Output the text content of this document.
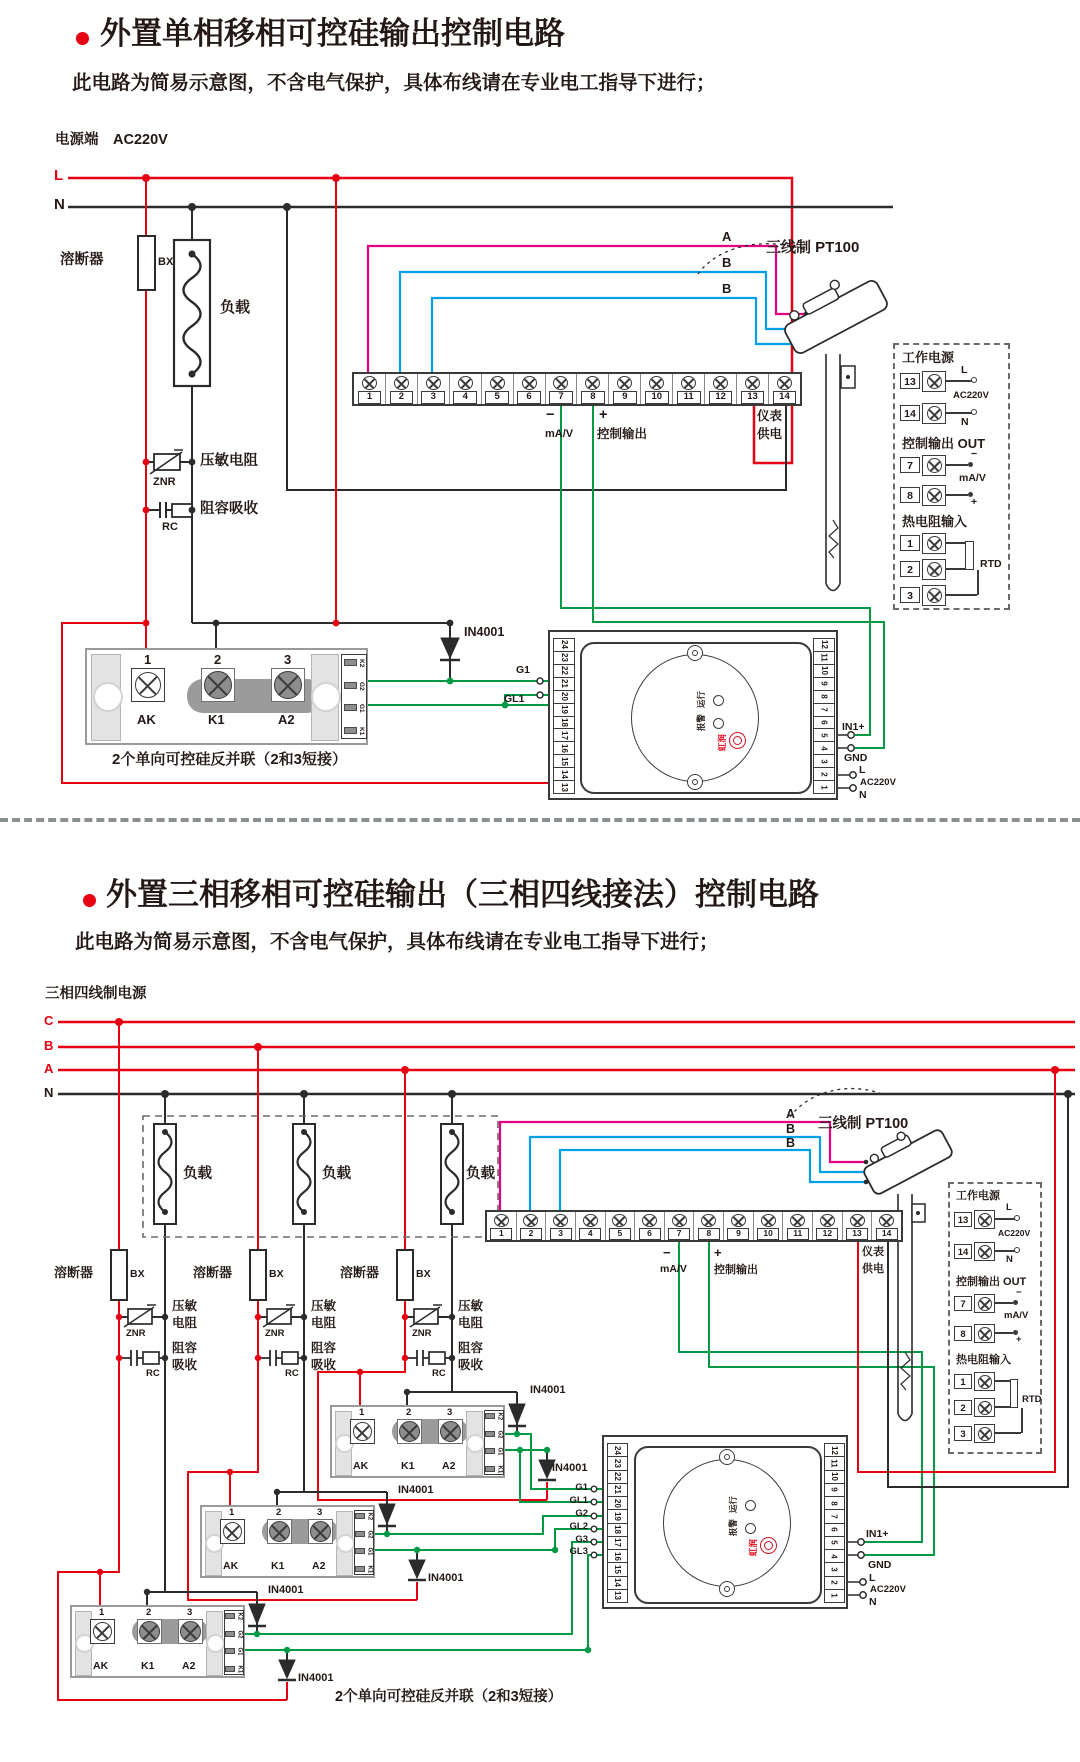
外置单相移相可控硅输出控制电路
此电路为简易示意图，不含电气保护，具体布线请在专业电工指导下进行；
电源端 AC220V
L
N
溶断器	BX
负载
压敏电阻
ZNR
阻容吸收
RC
1	2	3	4	5	6	7	8	9	10	11	12	13	14
A
B
B
三线制 PT100
−
mA/V
+
控制输出
仪表
供电
1	2	3
AK	K1	A2
K2
G2
G1
K1
2个单向可控硅反并联（2和3短接）
IN4001
G1
GL1
24
23
22
21
20
19
18
17
16
15
14
13
12
11
10
9
8
7
6
5
4
3
2
1
运行
报警
虹润
IN1+
GND
L
AC220V
N
工作电源
13
L
AC220V
14
N
控制输出 OUT
7
−
mA/V
8	+
热电阻输入
1
2
3
RTD
外置三相移相可控硅输出（三相四线接法）控制电路
此电路为简易示意图，不含电气保护，具体布线请在专业电工指导下进行；
三相四线制电源
C
B
A
N
负载	负载	负载
溶断器	BX	溶断器	BX	溶断器	BX
压敏
电阻
ZNR
压敏
电阻
ZNR
压敏
电阻
ZNR
阻容
吸收
RC
阻容
吸收
RC
阻容
吸收
RC
1	2	3	4	5	6	7	8	9	10	11	12	13	14
A
B
B
三线制 PT100
−
mA/V
+
控制输出
仪表
供电
1	2	3
AK	K1	A2
K2
G2
G1
K1
1	2	3
AK	K1	A2
K2
G2
G1
K1
1	2	3
AK	K1	A2
K2
G2
G1
K1
IN4001
IN4001
IN4001
IN4001
IN4001
IN4001
G1
GL1
G2
GL2
G3
GL3
24
23
22
21
20
19
18
17
16
15
14
13
12
11
10
9
8
7
6
5
4
3
2
1
运行
报警
虹润
IN1+
GND
L
AC220V
N
工作电源
13
L
AC220V
14
N
控制输出 OUT
7
−
mA/V
8	+
热电阻输入
1
2
3
RTD
2个单向可控硅反并联（2和3短接）
